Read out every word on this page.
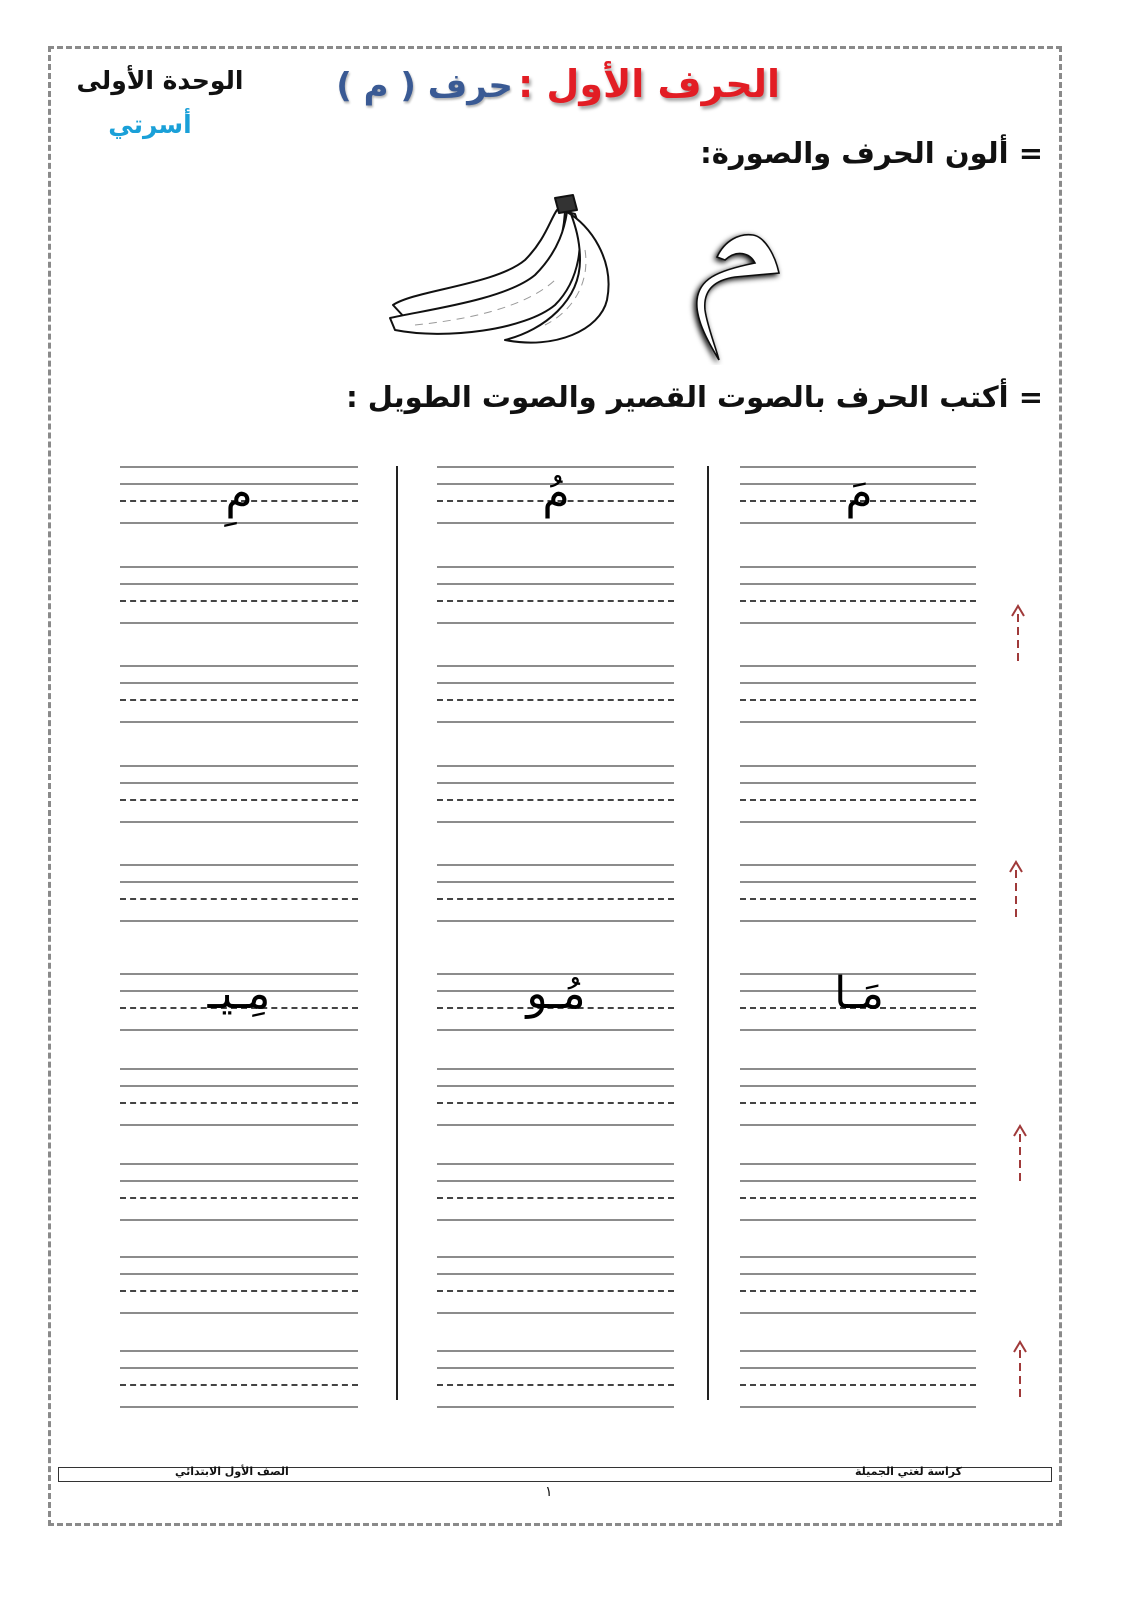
الوحدة الأولى
أسرتي
الحرف الأول : حرف ( م )
= ألون الحرف والصورة:
= أكتب الحرف بالصوت القصير والصوت الطويل :
مَ
مَـا
مُ
مُـو
مِ
مِـيـ
الصف الأول الابتدائي	كراسة لغتي الجميلة
١
